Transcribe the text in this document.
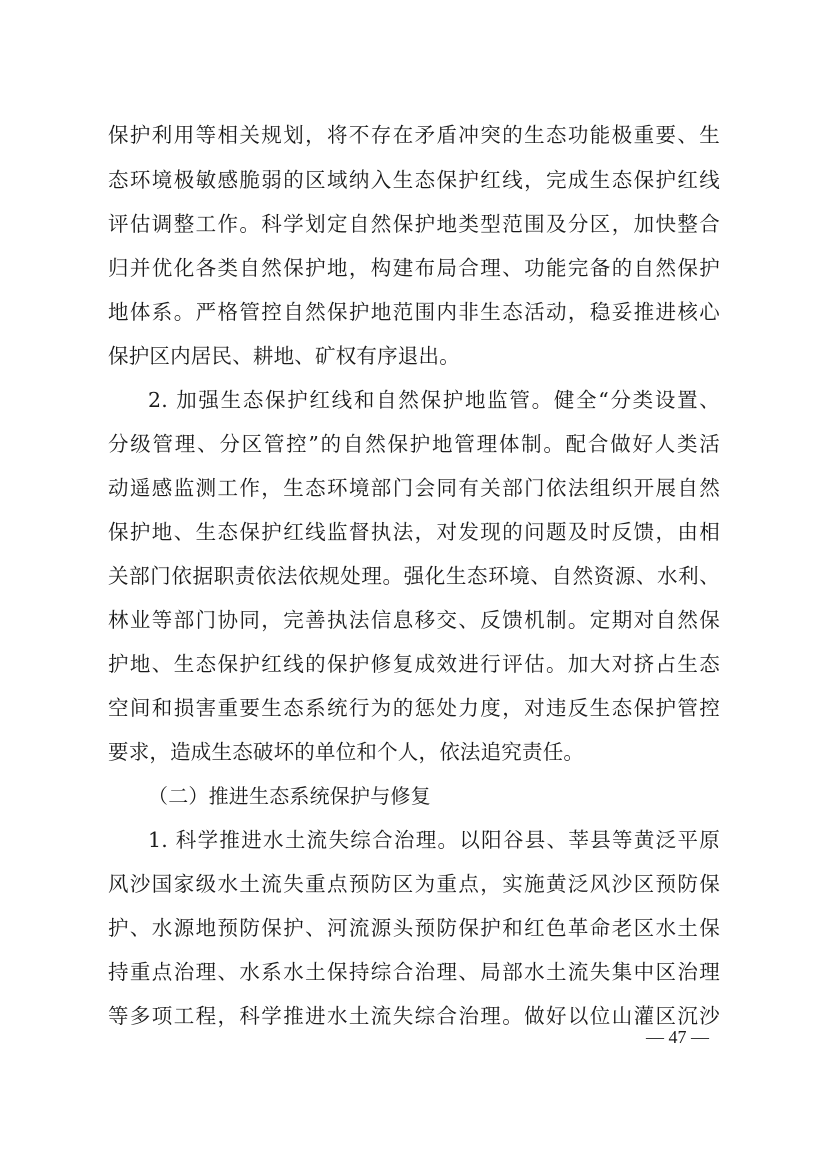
保护利用等相关规划，将不存在矛盾冲突的生态功能极重要、生
态环境极敏感脆弱的区域纳入生态保护红线，完成生态保护红线
评估调整工作。科学划定自然保护地类型范围及分区，加快整合
归并优化各类自然保护地，构建布局合理、功能完备的自然保护
地体系。严格管控自然保护地范围内非生态活动，稳妥推进核心
保护区内居民、耕地、矿权有序退出。
2. 加强生态保护红线和自然保护地监管。健全“分类设置、
分级管理、分区管控”的自然保护地管理体制。配合做好人类活
动遥感监测工作，生态环境部门会同有关部门依法组织开展自然
保护地、生态保护红线监督执法，对发现的问题及时反馈，由相
关部门依据职责依法依规处理。强化生态环境、自然资源、水利、
林业等部门协同，完善执法信息移交、反馈机制。定期对自然保
护地、生态保护红线的保护修复成效进行评估。加大对挤占生态
空间和损害重要生态系统行为的惩处力度，对违反生态保护管控
要求，造成生态破坏的单位和个人，依法追究责任。
（二）推进生态系统保护与修复
1. 科学推进水土流失综合治理。以阳谷县、莘县等黄泛平原
风沙国家级水土流失重点预防区为重点，实施黄泛风沙区预防保
护、水源地预防保护、河流源头预防保护和红色革命老区水土保
持重点治理、水系水土保持综合治理、局部水土流失集中区治理
等多项工程，科学推进水土流失综合治理。做好以位山灌区沉沙
— 47 —
